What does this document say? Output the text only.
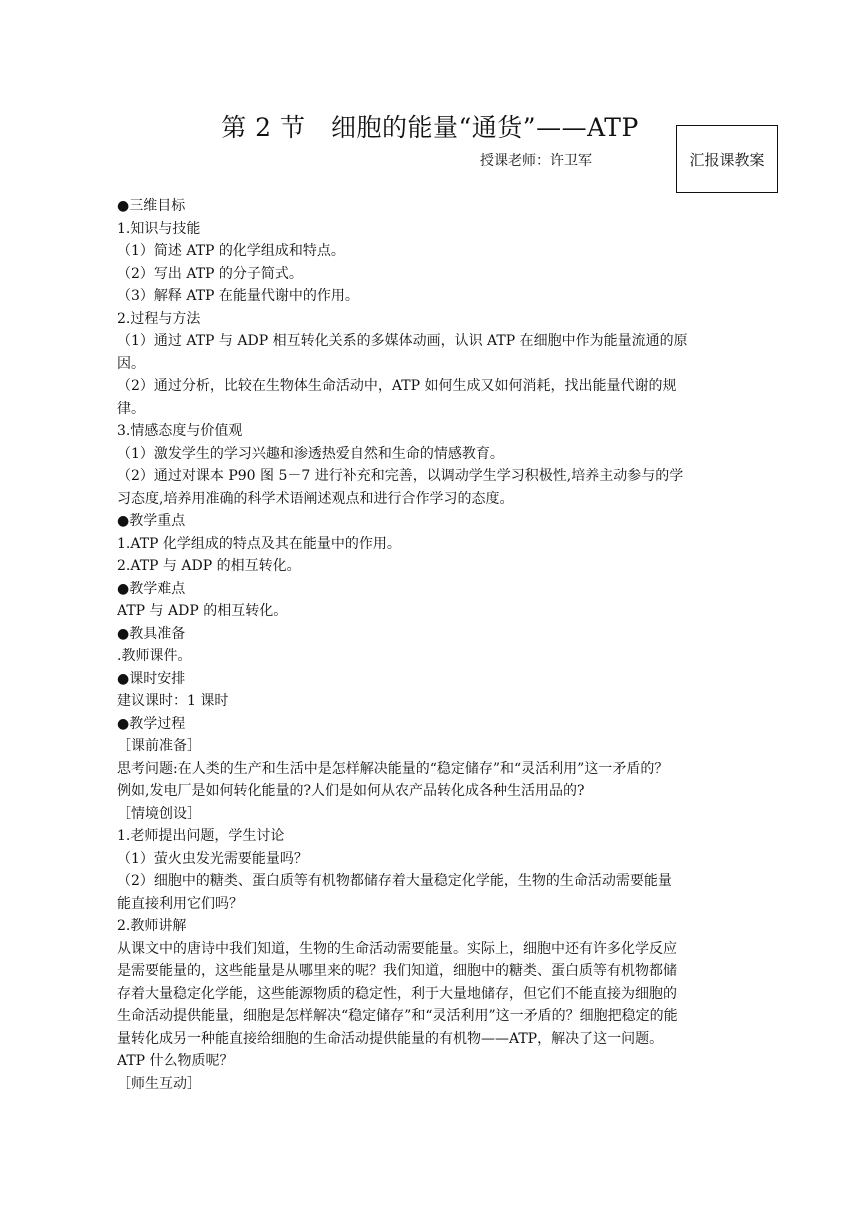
第 2 节　细胞的能量“通货”——ATP
授课老师：许卫军	汇报课教案
●三维目标
1.知识与技能
（1）简述 ATP 的化学组成和特点。
（2）写出 ATP 的分子简式。
（3）解释 ATP 在能量代谢中的作用。
2.过程与方法
（1）通过 ATP 与 ADP 相互转化关系的多媒体动画，认识 ATP 在细胞中作为能量流通的原
因。
（2）通过分析，比较在生物体生命活动中，ATP 如何生成又如何消耗，找出能量代谢的规
律。
3.情感态度与价值观
（1）激发学生的学习兴趣和渗透热爱自然和生命的情感教育。
（2）通过对课本 P90 图 5－7 进行补充和完善，以调动学生学习积极性,培养主动参与的学
习态度,培养用准确的科学术语阐述观点和进行合作学习的态度。
●教学重点
1.ATP 化学组成的特点及其在能量中的作用。
2.ATP 与 ADP 的相互转化。
●教学难点
ATP 与 ADP 的相互转化。
●教具准备
.教师课件。
●课时安排
建议课时：1 课时
●教学过程
［课前准备］
思考问题:在人类的生产和生活中是怎样解决能量的“稳定储存”和“灵活利用”这一矛盾的？
例如,发电厂是如何转化能量的?人们是如何从农产品转化成各种生活用品的?
［情境创设］
1.老师提出问题，学生讨论
（1）萤火虫发光需要能量吗？
（2）细胞中的糖类、蛋白质等有机物都储存着大量稳定化学能，生物的生命活动需要能量
能直接利用它们吗？
2.教师讲解
从课文中的唐诗中我们知道，生物的生命活动需要能量。实际上，细胞中还有许多化学反应
是需要能量的，这些能量是从哪里来的呢？我们知道，细胞中的糖类、蛋白质等有机物都储
存着大量稳定化学能，这些能源物质的稳定性，利于大量地储存，但它们不能直接为细胞的
生命活动提供能量，细胞是怎样解决“稳定储存”和“灵活利用”这一矛盾的？细胞把稳定的能
量转化成另一种能直接给细胞的生命活动提供能量的有机物——ATP，解决了这一问题。
ATP 什么物质呢？
［师生互动］
